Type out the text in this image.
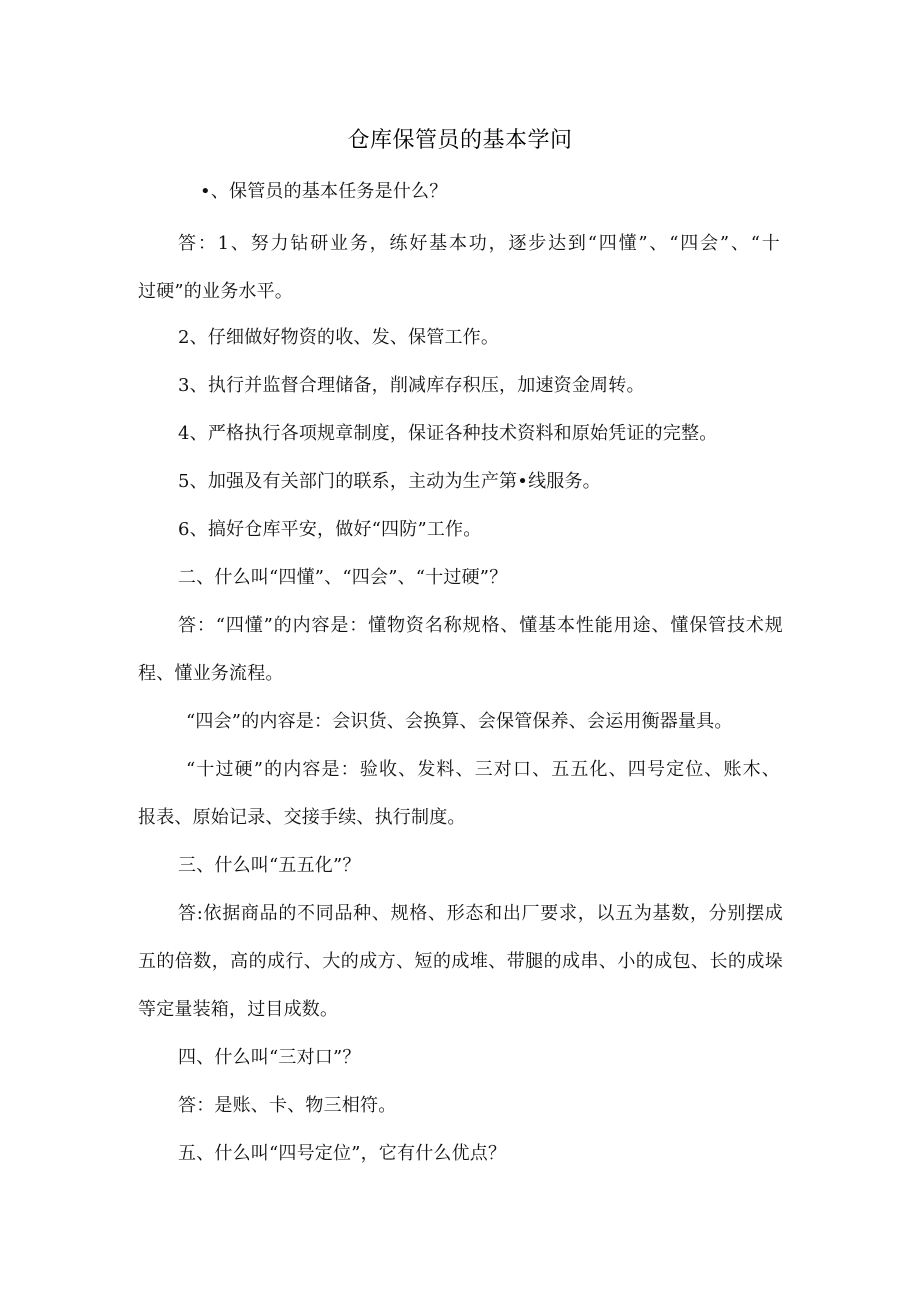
仓库保管员的基本学问
•、保管员的基本任务是什么？
答：1、努力钻研业务，练好基本功，逐步达到“四懂”、“四会”、“十
过硬”的业务水平。
2、仔细做好物资的收、发、保管工作。
3、执行并监督合理储备，削减库存积压，加速资金周转。
4、严格执行各项规章制度，保证各种技术资料和原始凭证的完整。
5、加强及有关部门的联系，主动为生产第•线服务。
6、搞好仓库平安，做好“四防”工作。
二、什么叫“四懂”、“四会”、“十过硬”？
答：“四懂”的内容是：懂物资名称规格、懂基本性能用途、懂保管技术规
程、懂业务流程。
“四会”的内容是：会识货、会换算、会保管保养、会运用衡器量具。
“十过硬”的内容是：验收、发料、三对口、五五化、四号定位、账木、
报表、原始记录、交接手续、执行制度。
三、什么叫“五五化”？
答:依据商品的不同品种、规格、形态和出厂要求，以五为基数，分别摆成
五的倍数，高的成行、大的成方、短的成堆、带腿的成串、小的成包、长的成垛
等定量装箱，过目成数。
四、什么叫“三对口”？
答：是账、卡、物三相符。
五、什么叫“四号定位”，它有什么优点？
